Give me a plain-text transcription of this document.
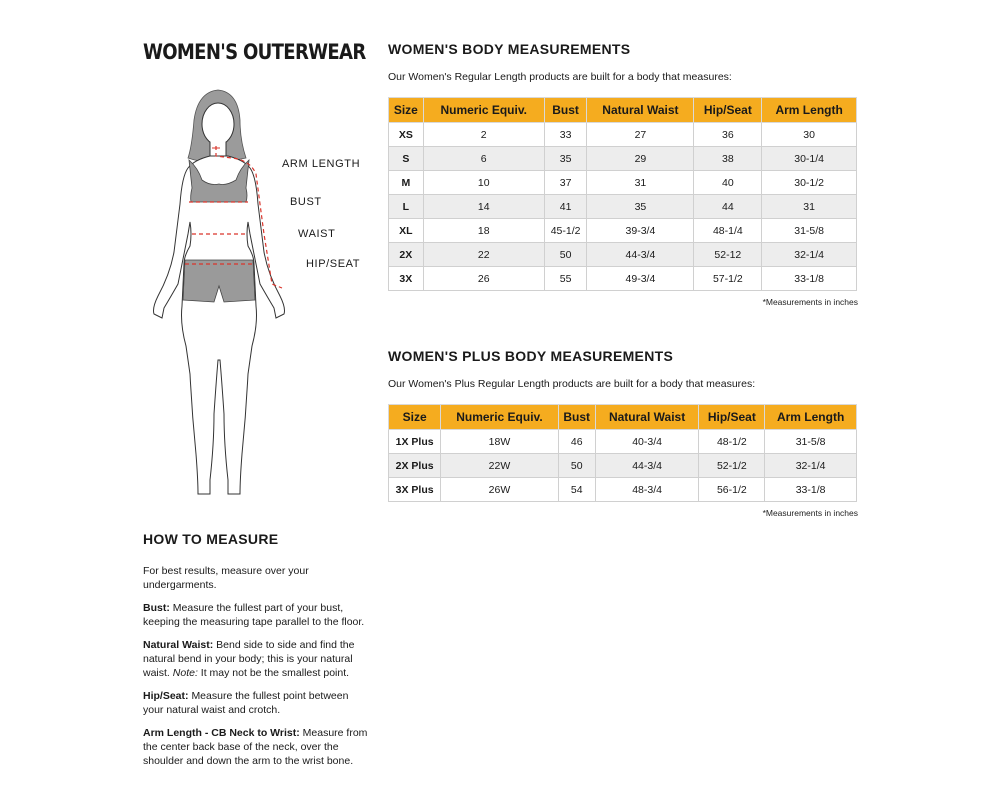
WOMEN'S OUTERWEAR
ARM LENGTH
BUST
WAIST
HIP/SEAT
HOW TO MEASURE

For best results, measure over your undergarments.

Bust: Measure the fullest part of your bust, keeping the measuring tape parallel to the floor.

Natural Waist: Bend side to side and find the natural bend in your body; this is your natural waist. Note: It may not be the smallest point.

Hip/Seat: Measure the fullest point between your natural waist and crotch.

Arm Length - CB Neck to Wrist: Measure from the center back base of the neck, over the shoulder and down the arm to the wrist bone.

WOMEN'S BODY MEASUREMENTS
Our Women's Regular Length products are built for a body that measures:
Size	Numeric Equiv.	Bust	Natural Waist	Hip/Seat	Arm Length
XS	2	33	27	36	30
S	6	35	29	38	30-1/4
M	10	37	31	40	30-1/2
L	14	41	35	44	31
XL	18	45-1/2	39-3/4	48-1/4	31-5/8
2X	22	50	44-3/4	52-12	32-1/4
3X	26	55	49-3/4	57-1/2	33-1/8
*Measurements in inches
WOMEN'S PLUS BODY MEASUREMENTS
Our Women's Plus Regular Length products are built for a body that measures:
Size	Numeric Equiv.	Bust	Natural Waist	Hip/Seat	Arm Length
1X Plus	18W	46	40-3/4	48-1/2	31-5/8
2X Plus	22W	50	44-3/4	52-1/2	32-1/4
3X Plus	26W	54	48-3/4	56-1/2	33-1/8
*Measurements in inches
